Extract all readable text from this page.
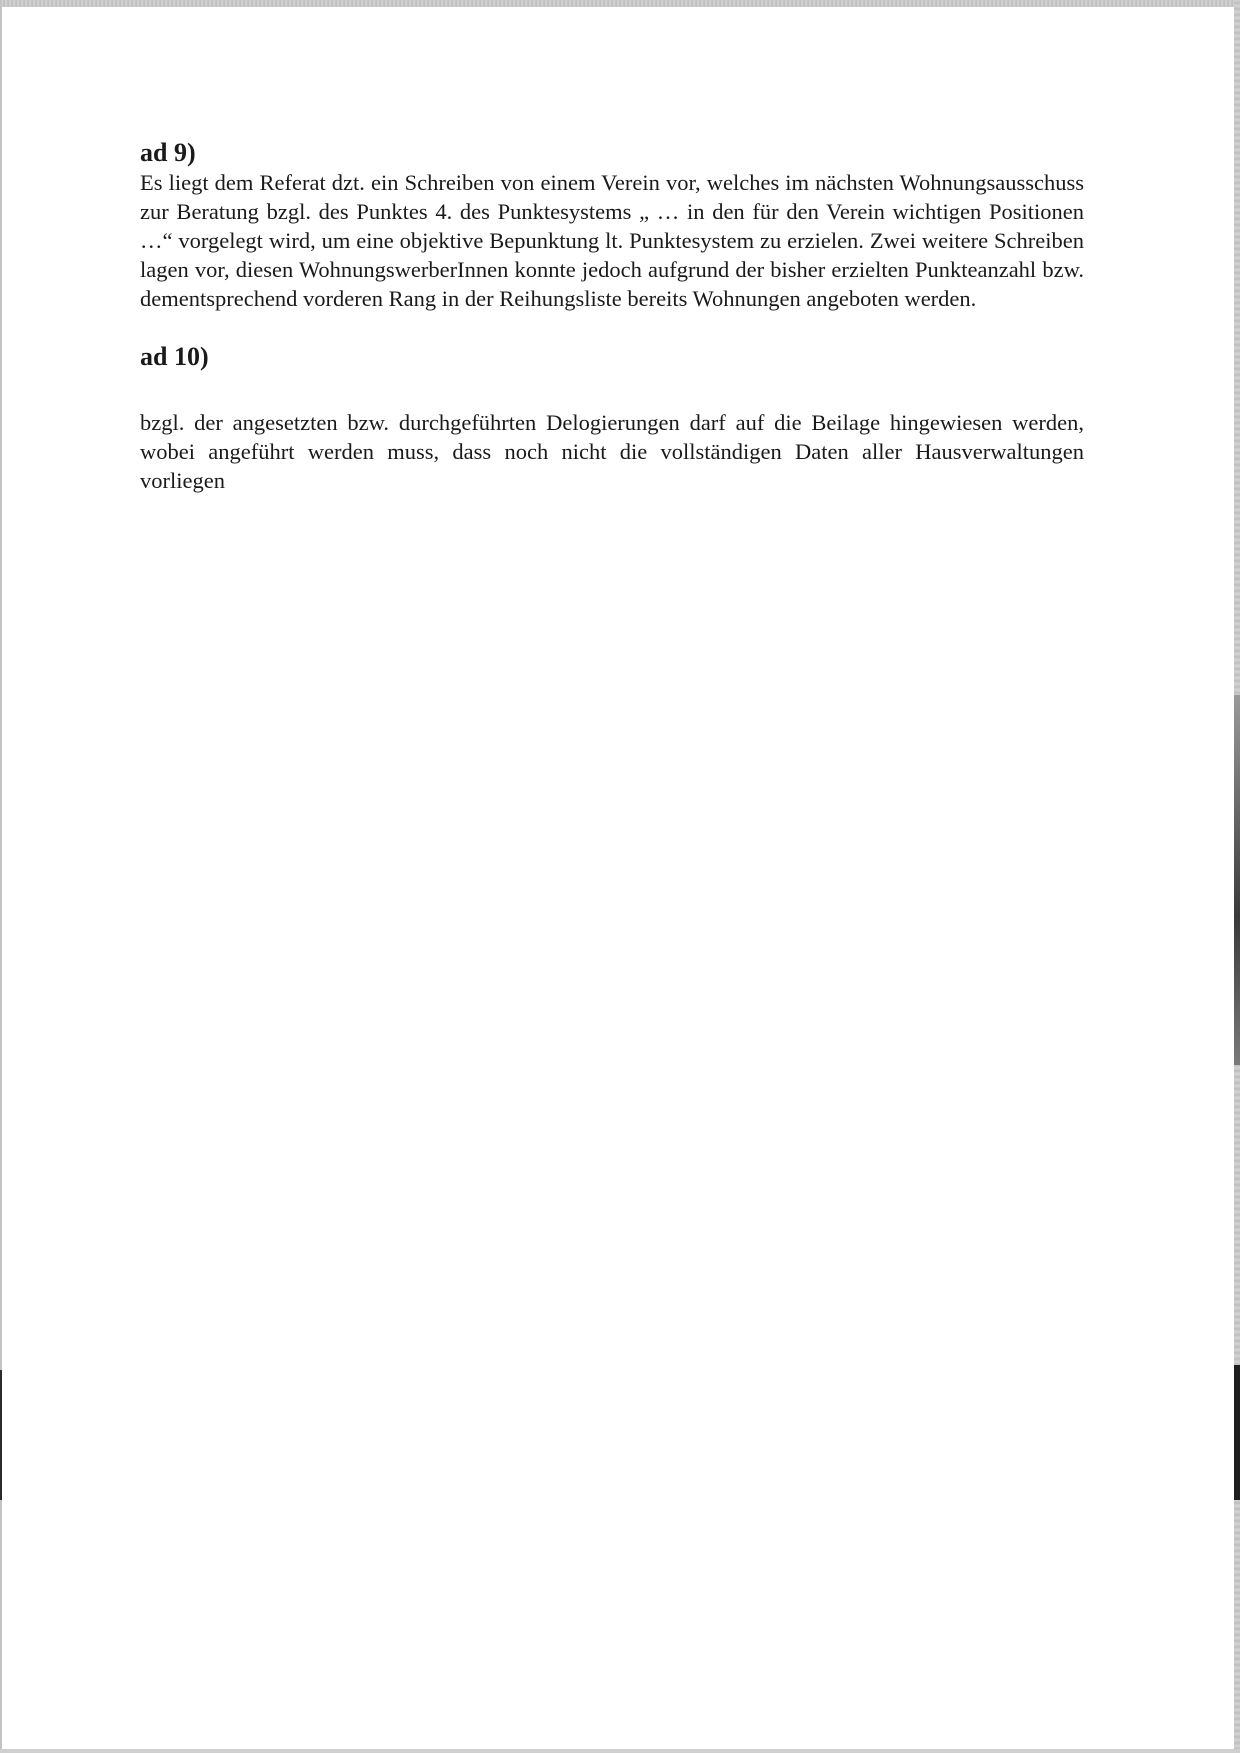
ad 9)

Es liegt dem Referat dzt. ein Schreiben von einem Verein vor, welches im nächsten Wohnungsausschuss zur Beratung bzgl. des Punktes 4. des Punktesystems „ … in den für den Verein wichtigen Positionen …“ vorgelegt wird, um eine objektive Bepunktung lt. Punktesystem zu erzielen. Zwei weitere Schreiben lagen vor, diesen WohnungswerberInnen konnte jedoch aufgrund der bisher erzielten Punkteanzahl bzw. dementsprechend vorderen Rang in der Reihungsliste bereits Wohnungen angeboten werden.

ad 10)

bzgl. der angesetzten bzw. durchgeführten Delogierungen darf auf die Beilage hingewiesen werden, wobei angeführt werden muss, dass noch nicht die vollständigen Daten aller Hausverwaltungen vorliegen
